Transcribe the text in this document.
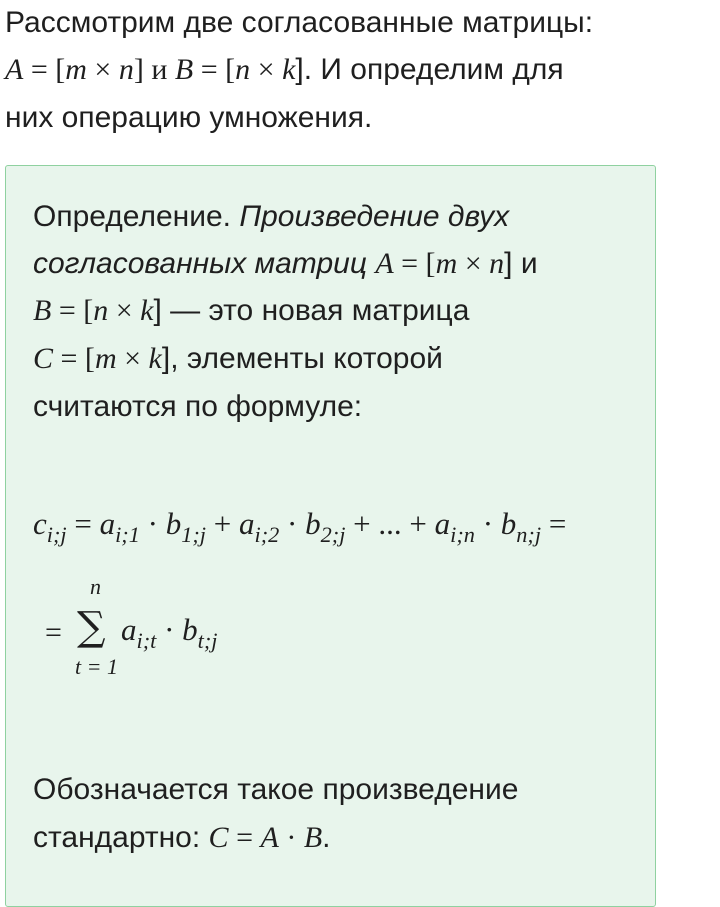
Рассмотрим две согласованные матрицы:
A = [m × n] и B = [n × k]. И определим для
них операцию умножения.
Определение. Произведение двух
согласованных матриц A = [m × n] и
B = [n × k] — это новая матрица
C = [m × k], элементы которой
считаются по формуле:
$c_{i;j} = a_{i;1} \cdot b_{1;j} + a_{i;2} \cdot b_{2;j}$ + ... + $a_{i;n} \cdot b_{n;j}$ =
=
n
∑
t = 1
$a_{i;t} \cdot b_{t;j}$
Обозначается такое произведение
стандартно: C = A · B.
